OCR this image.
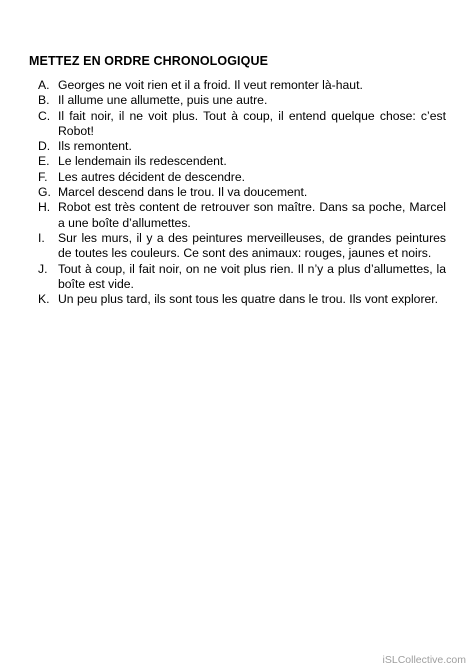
METTEZ EN ORDRE CHRONOLOGIQUE
A. Georges ne voit rien et il a froid. Il veut remonter là-haut.
B. Il allume une allumette, puis une autre.
C. Il fait noir, il ne voit plus. Tout à coup, il entend quelque chose: c’est Robot!
D. Ils remontent.
E. Le lendemain ils redescendent.
F. Les autres décident de descendre.
G. Marcel descend dans le trou. Il va doucement.
H. Robot est très content de retrouver son maître. Dans sa poche, Marcel a une boîte d’allumettes.
I.	Sur les murs, il y a des peintures merveilleuses, de grandes peintures de toutes les couleurs. Ce sont des animaux: rouges, jaunes et noirs.
J. Tout à coup, il fait noir, on ne voit plus rien. Il n’y a plus d’allumettes, la boîte est vide.
K. Un peu plus tard, ils sont tous les quatre dans le trou. Ils vont explorer.
iSLCollective.com
